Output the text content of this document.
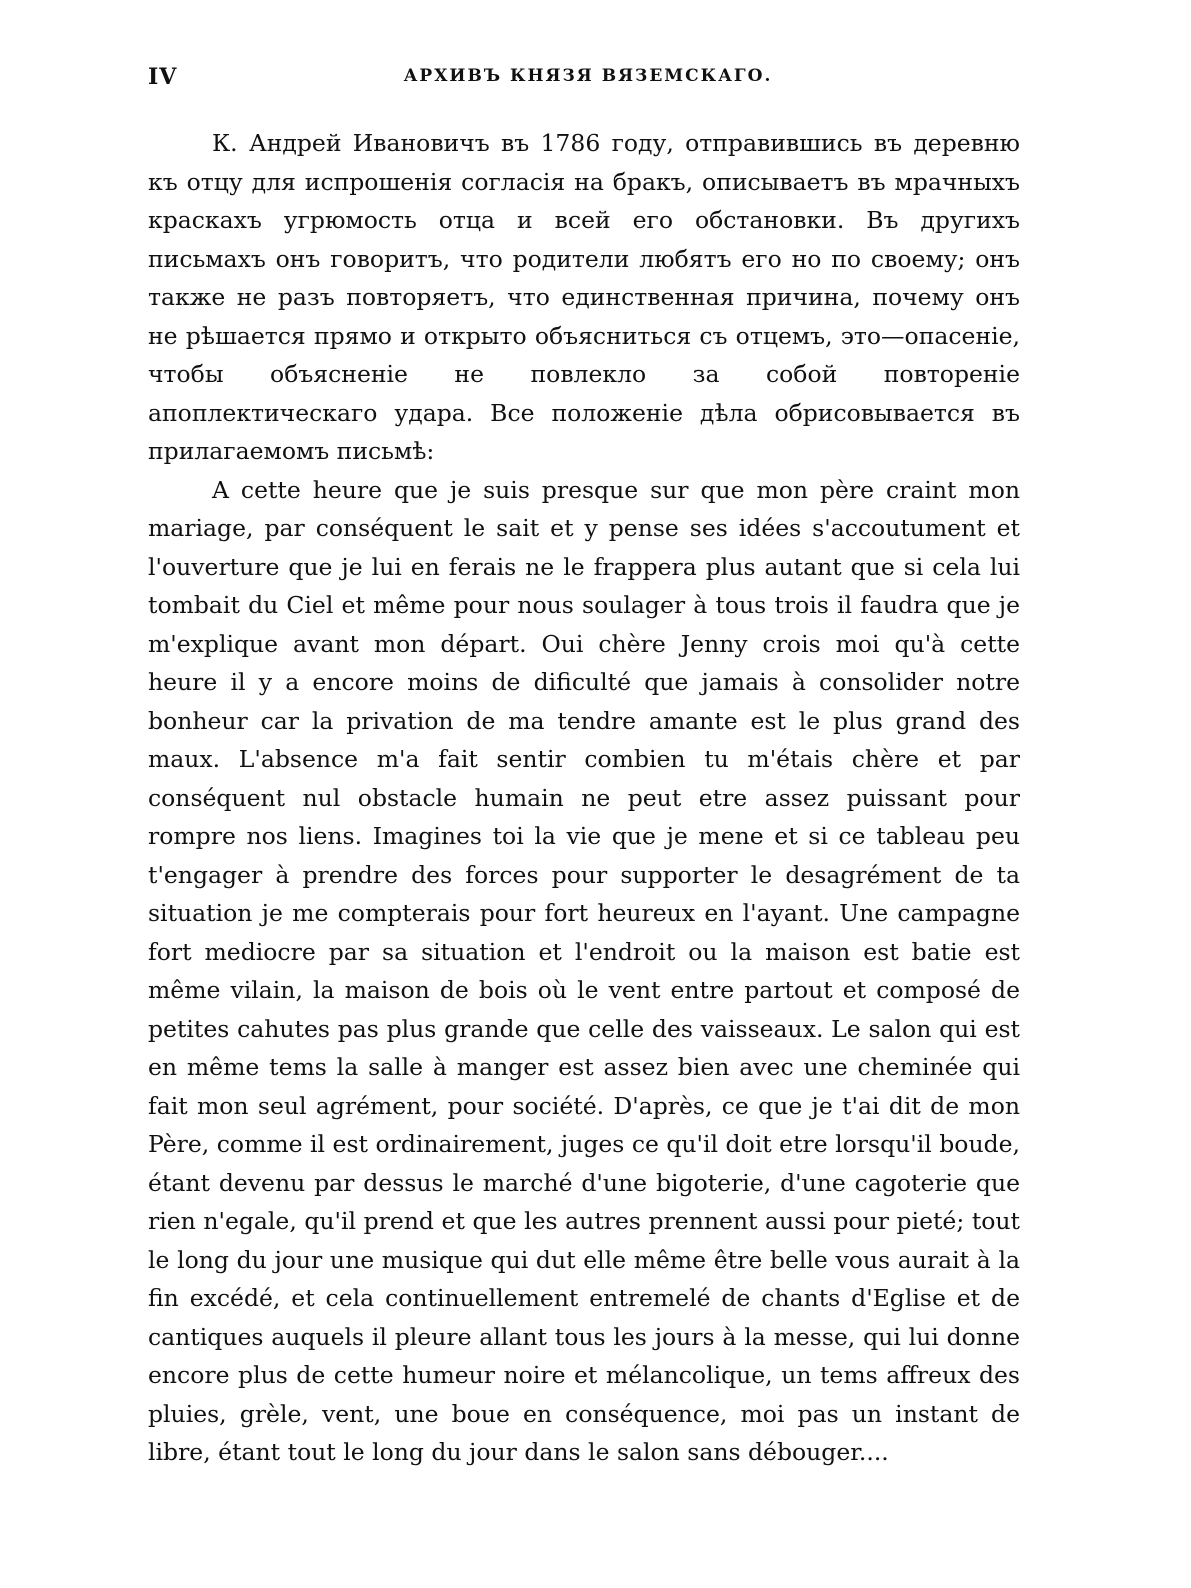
IV	АРХИВЪ КНЯЗЯ ВЯЗЕМСКАГО.

К. Андрей Ивановичъ въ 1786 году, отправившись въ деревню къ отцу для испрошенія согласія на бракъ, описываетъ въ мрачныхъ краскахъ угрюмость отца и всей его обстановки. Въ другихъ письмахъ онъ говоритъ, что родители любятъ его но по своему; онъ также не разъ повторяетъ, что единственная причина, почему онъ не рѣшается прямо и открыто объясниться съ отцемъ, это—опасеніе, чтобы объясненіе не повлекло за собой повтореніе апоплектическаго удара. Все положеніе дѣла обрисовывается въ прилагаемомъ письмѣ:

A cette heure que je suis presque sur que mon père craint mon mariage, par conséquent le sait et y pense ses idées s'accoutument et l'ouverture que je lui en ferais ne le frappera plus autant que si cela lui tombait du Ciel et même pour nous soulager à tous trois il faudra que je m'explique avant mon départ. Oui chère Jenny crois moi qu'à cette heure il y a encore moins de dificulté que jamais à consolider notre bonheur car la privation de ma tendre amante est le plus grand des maux. L'absence m'a fait sentir combien tu m'étais chère et par conséquent nul obstacle humain ne peut etre assez puissant pour rompre nos liens. Imagines toi la vie que je mene et si ce tableau peu t'engager à prendre des forces pour supporter le desagrément de ta situation je me compterais pour fort heureux en l'ayant. Une campagne fort mediocre par sa situation et l'endroit ou la maison est batie est même vilain, la maison de bois où le vent entre partout et composé de petites cahutes pas plus grande que celle des vaisseaux. Le salon qui est en même tems la salle à manger est assez bien avec une cheminée qui fait mon seul agrément, pour société. D'après, ce que je t'ai dit de mon Père, comme il est ordinairement, juges ce qu'il doit etre lorsqu'il boude, étant devenu par dessus le marché d'une bigoterie, d'une cagoterie que rien n'egale, qu'il prend et que les autres prennent aussi pour pieté; tout le long du jour une musique qui dut elle même être belle vous aurait à la fin excédé, et cela continuellement entremelé de chants d'Eglise et de cantiques auquels il pleure allant tous les jours à la messe, qui lui donne encore plus de cette humeur noire et mélancolique, un tems affreux des pluies, grèle, vent, une boue en conséquence, moi pas un instant de libre, étant tout le long du jour dans le salon sans débouger....
